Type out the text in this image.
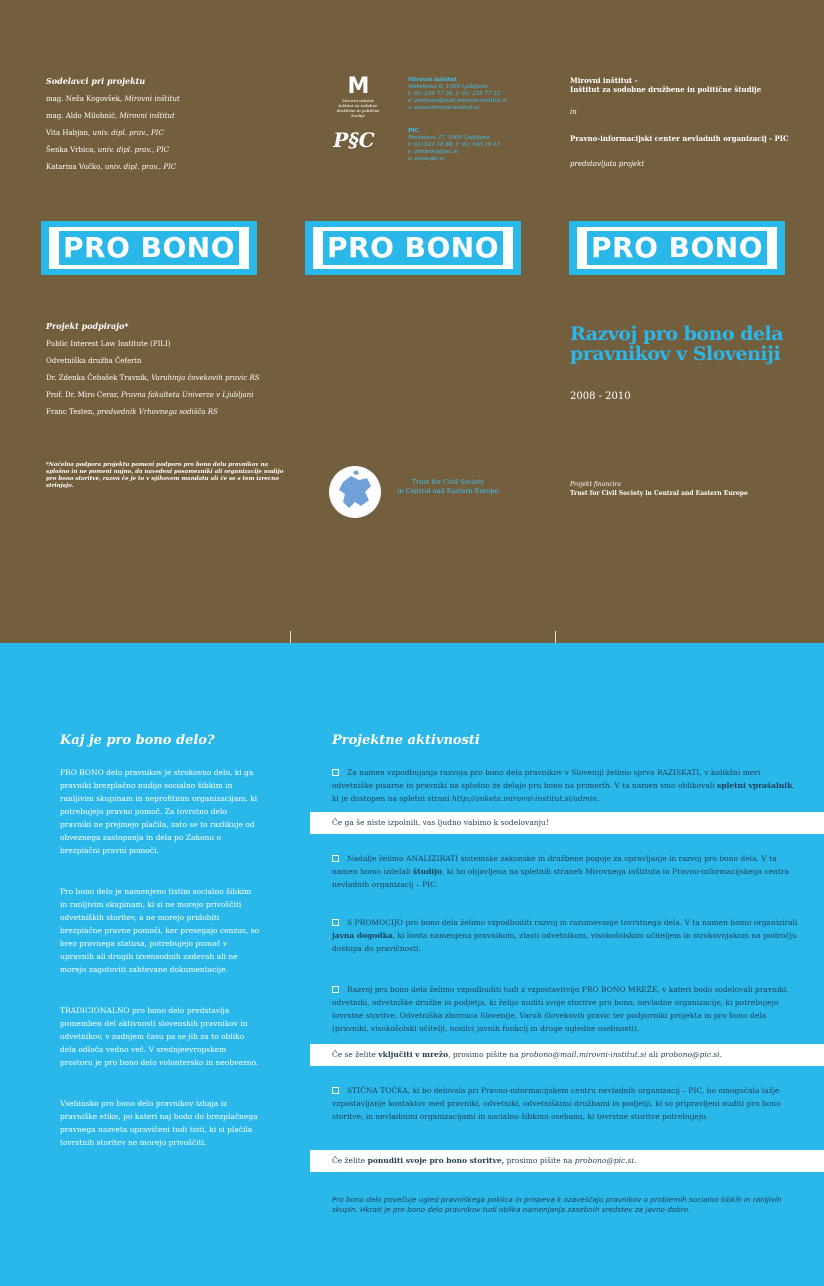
Sodelavci pri projektu
mag. Neža Kogovšek, Mirovni inštitut
mag. Aldo Milohnić, Mirovni inštitut
Vita Habjan, univ. dipl. prav., PIC
Šenka Vrbica, univ. dipl. prav., PIC
Katarina Vučko, univ. dipl. prav., PIC
M
Mirovni inštitut
Inštitut za sodobne družbene in politične študije
P§C
Mirovni inštitut
Metelkova 6, 1000 Ljubljana
t: 01/ 234 77 20, f: 01/ 234 77 22
e: probono@mail.mirovni-institut.si
s: www.mirovni-institut.si
PIC
Povšetova 37, 1000 Ljubljana
t: 01/ 521 18 88, f: 01/ 540 19 13
e: probono@pic.si
s: www.pic.si
Mirovni inštitut -
Inštitut za sodobne družbene in politične študije
in
Pravno-informacijski center nevladnih organizacij - PIC
predstavljata projekt
PRO BONO	PRO BONO	PRO BONO
Projekt podpirajo*
Public Interest Law Institute (PILI)
Odvetniška družba Čeferin
Dr. Zdenka Čebašek Travnik, Varuhinja čovekovih pravic RS
Prof. Dr. Miro Cerar, Pravna fakulteta Univerze v Ljubljani
Franc Testen, predsednik Vrhovnega sodišča RS
*Načelna podpora projektu pomeni podporo pro bono delu pravnikov na splošno in ne pomeni nujno, da navedeni posamezniki ali organizacije nudijo pro bono storitve, razen če je to v njihovem mandatu ali če se s tem izrecno strinjajo.	Trust for Civil Society
in Central and Eastern Europe
Razvoj pro bono dela
pravnikov v Sloveniji
2008 - 2010
Projekt financira
Trust for Civil Society in Central and Eastern Europe
Kaj je pro bono delo?

PRO BONO delo pravnikov je strokovno delo, ki ga pravniki brezplačno nudijo socialno šibkim in ranljivim skupinam in neprofitnim organizacijam, ki potrebujejo pravno pomoč. Za tovrstno delo pravniki ne prejmejo plačila, zato se to razlikuje od obveznega zastopanja in dela po Zakonu o brezplačni pravni pomoči.

Pro bono delo je namenjeno tistim socialno šibkim in ranljivim skupinam, ki si ne morejo privoščiti odvetniških storitev, a ne morejo pridobiti brezplačne pravne pomoči, ker presegajo cenzus, so brez pravnega statusa, potrebujejo pomoč v upravnih ali drugih izvensodnih zadevah ali ne morejo zagotoviti zahtevane dokumentacije.

TRADICIONALNO pro bono delo predstavlja pomemben del aktivnosti slovenskih pravnikov in odvetnikov, v zadnjem času pa se jih za to obliko dela odloča vedno več. V srednjeevropskem prostoru je pro bono delo volontersko in neobvezno.

Vsebinsko pro bono delo pravnikov izhaja iz pravniške etike, po kateri naj bodo do brezplačnega pravnega nasveta upravičeni tudi tisti, ki si plačila tovrstnih storitev ne morejo privoščiti.

Projektne aktivnosti
Za namen vzpodbujanja razvoja pro bono dela pravnikov v Sloveniji želimo sprva RAZISKATI, v kolikšni meri odvetniške pisarne in pravniki na splošno že delajo pro bono na primerih. V ta namen smo oblikovali spletni vprašalnik, ki je dostopen na spletni strani http://anketa.mirovni-institut.si/admin.
Če ga še niste izpolnili, vas ljudno vabimo k sodelovanju!
Nadalje želimo ANALIZIRATI sistemske zakonske in družbene pogoje za opravljanje in razvoj pro bono dela. V ta namen bomo izdelali študijo, ki bo objavljena na spletnih straneh Mirovnega inštituta in Pravno-informacijskega centra nevladnih organizacij – PIC.
S PROMOCIJO pro bono dela želimo vzpodbuditi razvoj in razumevanje tovrstnega dela. V ta namen bomo organizirali javna dogodka, ki bosta namenjena pravnikom, zlasti odvetnikom, visokošolskim učiteljem in strokovnjakom na področju dostopa do pravičnosti.
Razvoj pro bono dela želimo vzpodbuditi tudi z vzpostavitvijo PRO BONO MREŽE, v kateri bodo sodelovali pravniki, odvetniki, odvetniške družbe in podjetja, ki želijo nuditi svoje storitve pro bono, nevladne organizacije, ki potrebujejo tovrstne storitve, Odvetniška zbornica Slovenije, Varuh človekovih pravic ter podporniki projekta in pro bono dela (pravniki, visokošolski učitelji, nosilci javnih funkcij in druge ugledne osebnosti).
Če se želite vključiti v mrežo, prosimo pišite na probono@mail.mirovni-institut.si ali probono@pic.si.
STIČNA TOČKA, ki bo delovala pri Pravno-informacijskem centru nevladnih organizacij – PIC, bo omogočala lažje vzpostavljanje kontaktov med pravniki, odvetniki, odvetniškimi družbami in podjetji, ki so pripravljeni nuditi pro bono storitve, in nevladnimi organizacijami in socialno šibkimi osebami, ki tovrstne storitve potrebujejo.
Če želite ponuditi svoje pro bono storitve, prosimo pišite na probono@pic.si.
Pro bono delo povečuje ugled pravniškega poklica in prispeva k ozaveščaju pravnikov o problemih socialno šibkih in ranljivih skupin. Hkrati je pro bono delo pravnikov tudi oblika namenjanja zasebnih sredstev za javno dobro.
